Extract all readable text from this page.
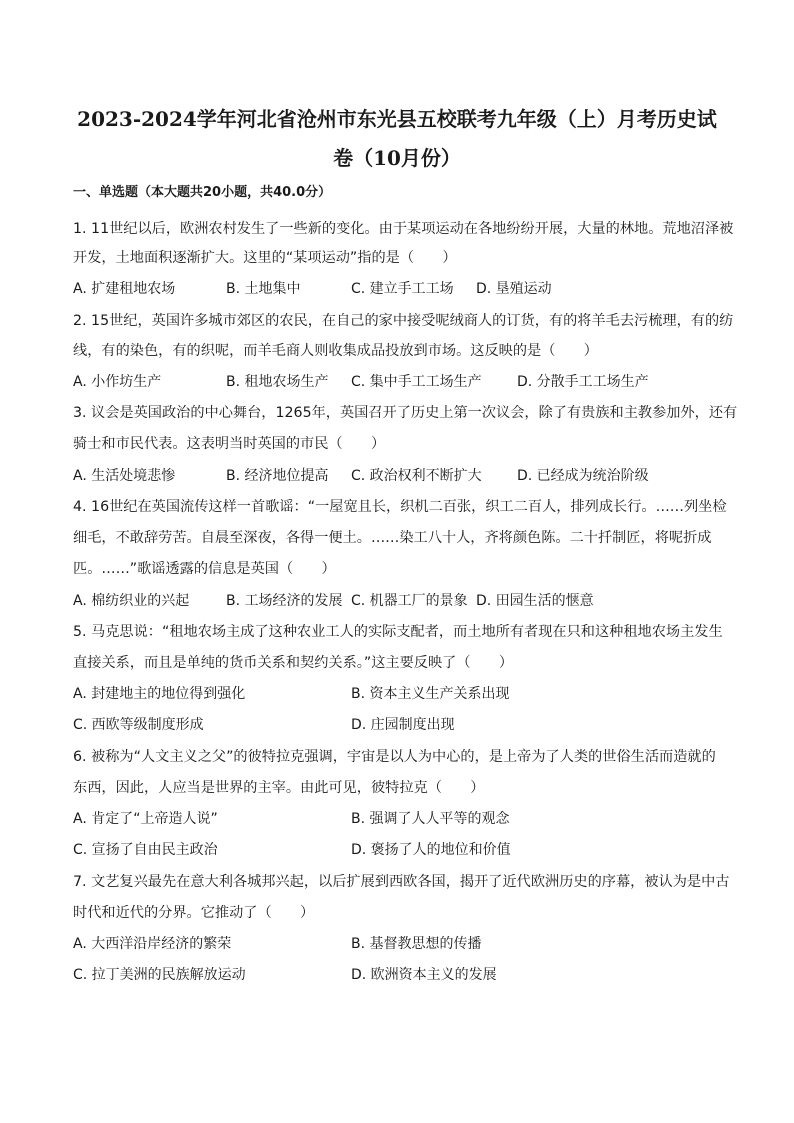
2023-2024学年河北省沧州市东光县五校联考九年级（上）月考历史试
卷（10月份）
一、单选题（本大题共20小题，共40.0分）
1. 11世纪以后，欧洲农村发生了一些新的变化。由于某项运动在各地纷纷开展，大量的林地。荒地沼泽被
开发，土地面积逐渐扩大。这里的“某项运动”指的是（　　）
A. 扩建租地农场	B. 土地集中	C. 建立手工工场 D. 垦殖运动
2. 15世纪，英国许多城市郊区的农民，在自己的家中接受呢绒商人的订货，有的将羊毛去污梳理，有的纺
线，有的染色，有的织呢，而羊毛商人则收集成品投放到市场。这反映的是（　　）
A. 小作坊生产	B. 租地农场生产 C. 集中手工工场生产	D. 分散手工工场生产
3. 议会是英国政治的中心舞台，1265年，英国召开了历史上第一次议会，除了有贵族和主教参加外，还有
骑士和市民代表。这表明当时英国的市民（　　）
A. 生活处境悲惨	B. 经济地位提高 C. 政治权利不断扩大	D. 已经成为统治阶级
4. 16世纪在英国流传这样一首歌谣：“一屋宽且长，织机二百张，织工二百人，排列成长行。……列坐检
细毛，不敢辞劳苦。自晨至深夜，各得一便土。……染工八十人，齐将颜色陈。二十扦制匠，将呢折成
匹。……”歌谣透露的信息是英国（　　）
A. 棉纺织业的兴起	B. 工场经济的发展 C. 机器工厂的景象 D. 田园生活的惬意
5. 马克思说：“租地农场主成了这种农业工人的实际支配者，而土地所有者现在只和这种租地农场主发生
直接关系，而且是单纯的货币关系和契约关系。”这主要反映了（　　）
A. 封建地主的地位得到强化	B. 资本主义生产关系出现
C. 西欧等级制度形成	D. 庄园制度出现
6. 被称为“人文主义之父”的彼特拉克强调，宇宙是以人为中心的，是上帝为了人类的世俗生活而造就的
东西，因此，人应当是世界的主宰。由此可见，彼特拉克（　　）
A. 肯定了“上帝造人说”	B. 强调了人人平等的观念
C. 宣扬了自由民主政治	D. 褒扬了人的地位和价值
7. 文艺复兴最先在意大利各城邦兴起，以后扩展到西欧各国，揭开了近代欧洲历史的序幕，被认为是中古
时代和近代的分界。它推动了（　　）
A. 大西洋沿岸经济的繁荣	B. 基督教思想的传播
C. 拉丁美洲的民族解放运动	D. 欧洲资本主义的发展
